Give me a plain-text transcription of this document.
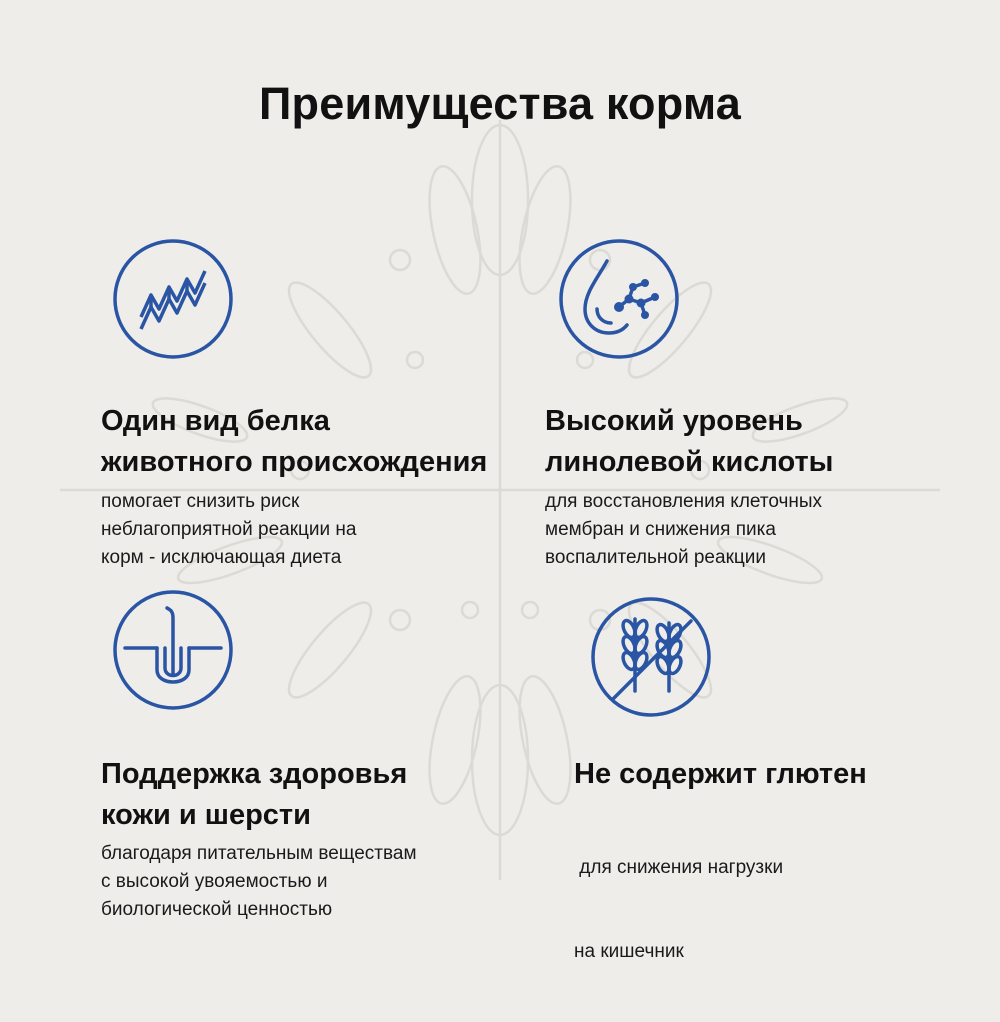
Преимущества корма
Один вид белка
животного происхождения
помогает снизить риск
неблагоприятной реакции на
корм - исключающая диета
Высокий уровень
линолевой кислоты
для восстановления клеточных
мембран и снижения пика
воспалительной реакции
Поддержка здоровья
кожи и шерсти
благодаря питательным веществам
с высокой увояемостью и
биологической ценностью
Не содержит глютен

для снижения нагрузки

на кишечник
